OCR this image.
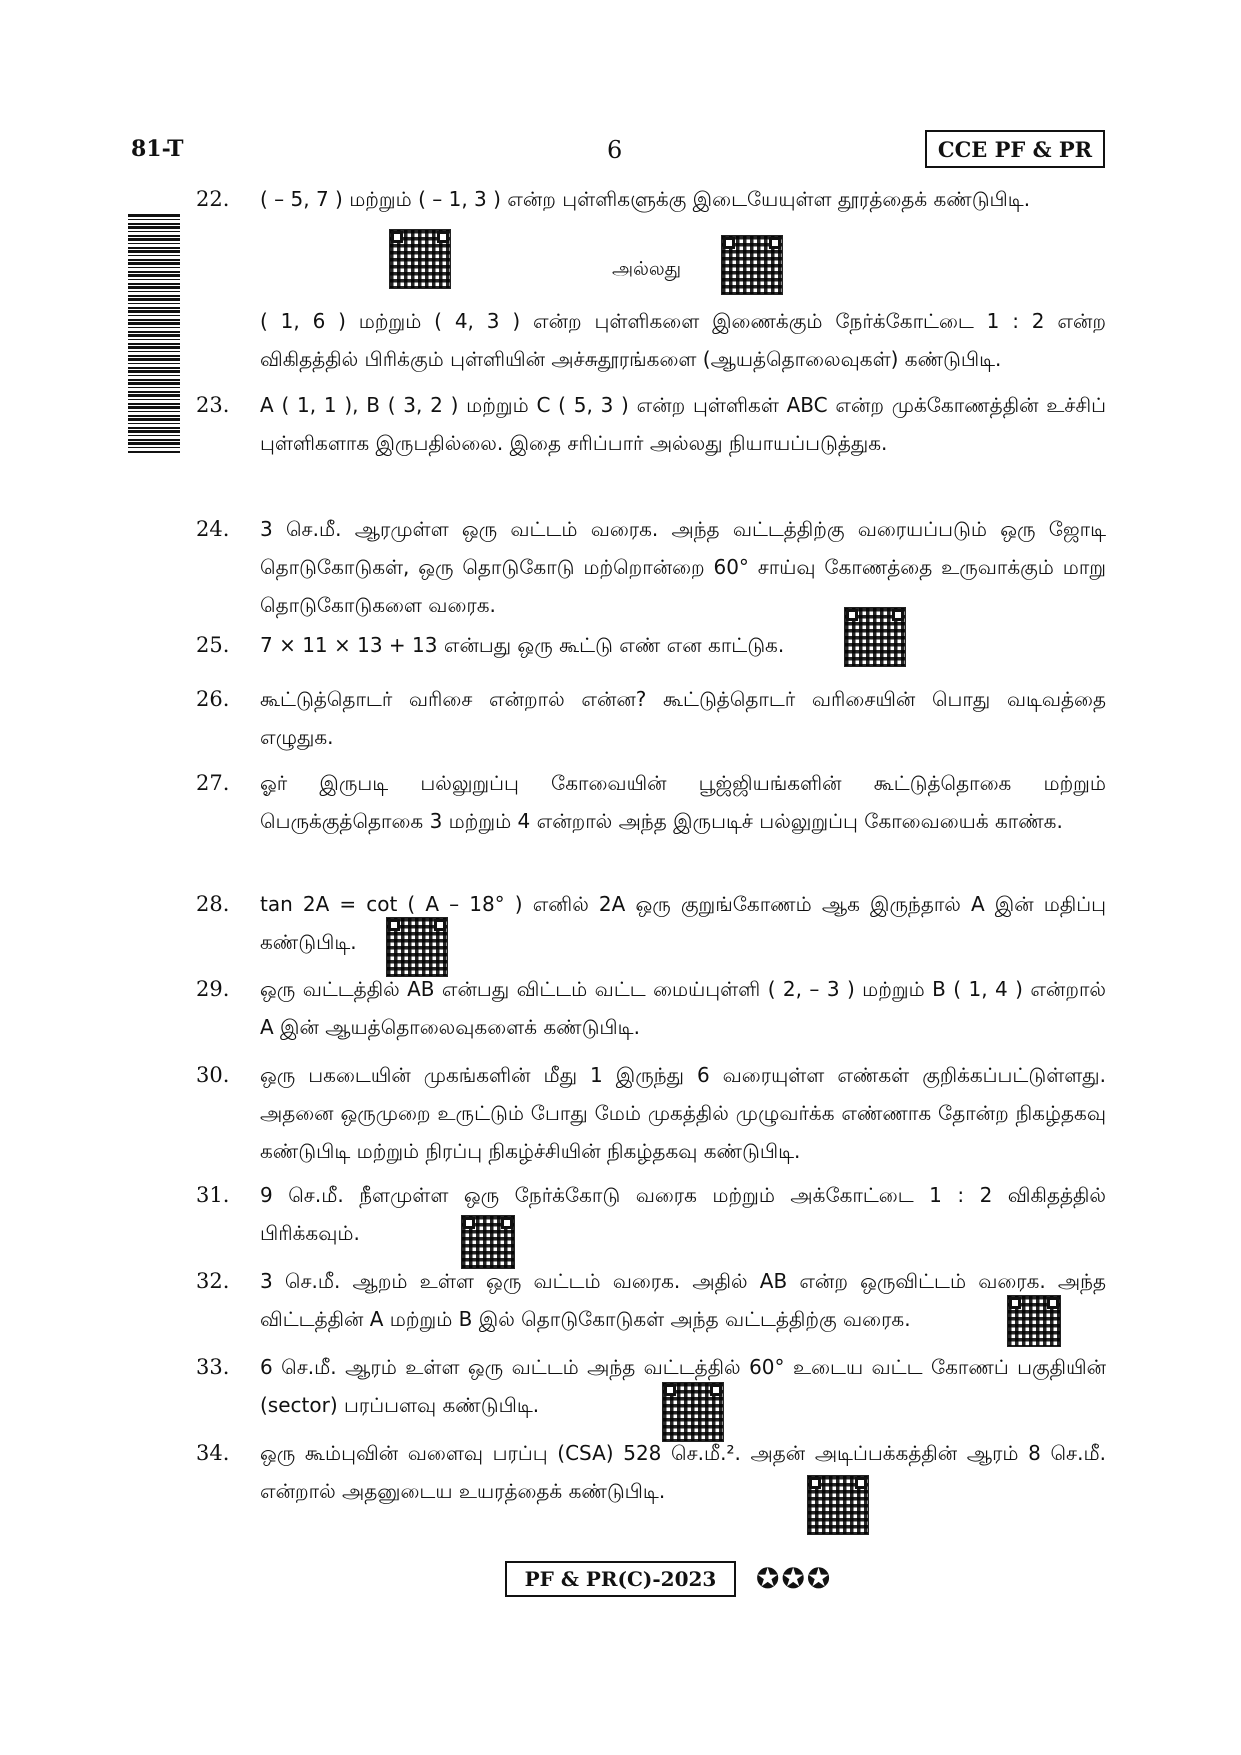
81-T	6	CCE PF & PR
22.	( – 5, 7 ) மற்றும் ( – 1, 3 ) என்ற புள்ளிகளுக்கு இடையேயுள்ள தூரத்தைக் கண்டுபிடி.

அல்லது

( 1, 6 ) மற்றும் ( 4, 3 ) என்ற புள்ளிகளை இணைக்கும் நேர்க்கோட்டை 1 : 2 என்ற விகிதத்தில் பிரிக்கும் புள்ளியின் அச்சுதூரங்களை (ஆயத்தொலைவுகள்) கண்டுபிடி.

23.	A ( 1, 1 ), B ( 3, 2 ) மற்றும் C ( 5, 3 ) என்ற புள்ளிகள் ABC என்ற முக்கோணத்தின் உச்சிப் புள்ளிகளாக இருபதில்லை. இதை சரிப்பார் அல்லது நியாயப்படுத்துக.

24.	3 செ.மீ. ஆரமுள்ள ஒரு வட்டம் வரைக. அந்த வட்டத்திற்கு வரையப்படும் ஒரு ஜோடி தொடுகோடுகள், ஒரு தொடுகோடு மற்றொன்றை 60° சாய்வு கோணத்தை உருவாக்கும் மாறு தொடுகோடுகளை வரைக.

25.	7 × 11 × 13 + 13 என்பது ஒரு கூட்டு எண் என காட்டுக.

26.	கூட்டுத்தொடர் வரிசை என்றால் என்ன? கூட்டுத்தொடர் வரிசையின் பொது வடிவத்தை எழுதுக.

27.	ஓர் இருபடி பல்லுறுப்பு கோவையின் பூஜ்ஜியங்களின் கூட்டுத்தொகை மற்றும் பெருக்குத்தொகை 3 மற்றும் 4 என்றால் அந்த இருபடிச் பல்லுறுப்பு கோவையைக் காண்க.

28.	tan 2A = cot ( A – 18° ) எனில் 2A ஒரு குறுங்கோணம் ஆக இருந்தால் A இன் மதிப்பு கண்டுபிடி.

29.	ஒரு வட்டத்தில் AB என்பது விட்டம் வட்ட மைய்புள்ளி ( 2, – 3 ) மற்றும் B ( 1, 4 ) என்றால் A இன் ஆயத்தொலைவுகளைக் கண்டுபிடி.

30.	ஒரு பகடையின் முகங்களின் மீது 1 இருந்து 6 வரையுள்ள எண்கள் குறிக்கப்பட்டுள்ளது. அதனை ஒருமுறை உருட்டும் போது மேம் முகத்தில் முழுவர்க்க எண்ணாக தோன்ற நிகழ்தகவு கண்டுபிடி மற்றும் நிரப்பு நிகழ்ச்சியின் நிகழ்தகவு கண்டுபிடி.

31.	9 செ.மீ. நீளமுள்ள ஒரு நேர்க்கோடு வரைக மற்றும் அக்கோட்டை 1 : 2 விகிதத்தில் பிரிக்கவும்.

32.	3 செ.மீ. ஆறம் உள்ள ஒரு வட்டம் வரைக. அதில் AB என்ற ஒருவிட்டம் வரைக. அந்த விட்டத்தின் A மற்றும் B இல் தொடுகோடுகள் அந்த வட்டத்திற்கு வரைக.

33.	6 செ.மீ. ஆரம் உள்ள ஒரு வட்டம் அந்த வட்டத்தில் 60° உடைய வட்ட கோணப் பகுதியின் (sector) பரப்பளவு கண்டுபிடி.

34.	ஒரு கூம்புவின் வளைவு பரப்பு (CSA) 528 செ.மீ.². அதன் அடிப்பக்கத்தின் ஆரம் 8 செ.மீ. என்றால் அதனுடைய உயரத்தைக் கண்டுபிடி.

PF & PR(C)-2023 ✪✪✪
